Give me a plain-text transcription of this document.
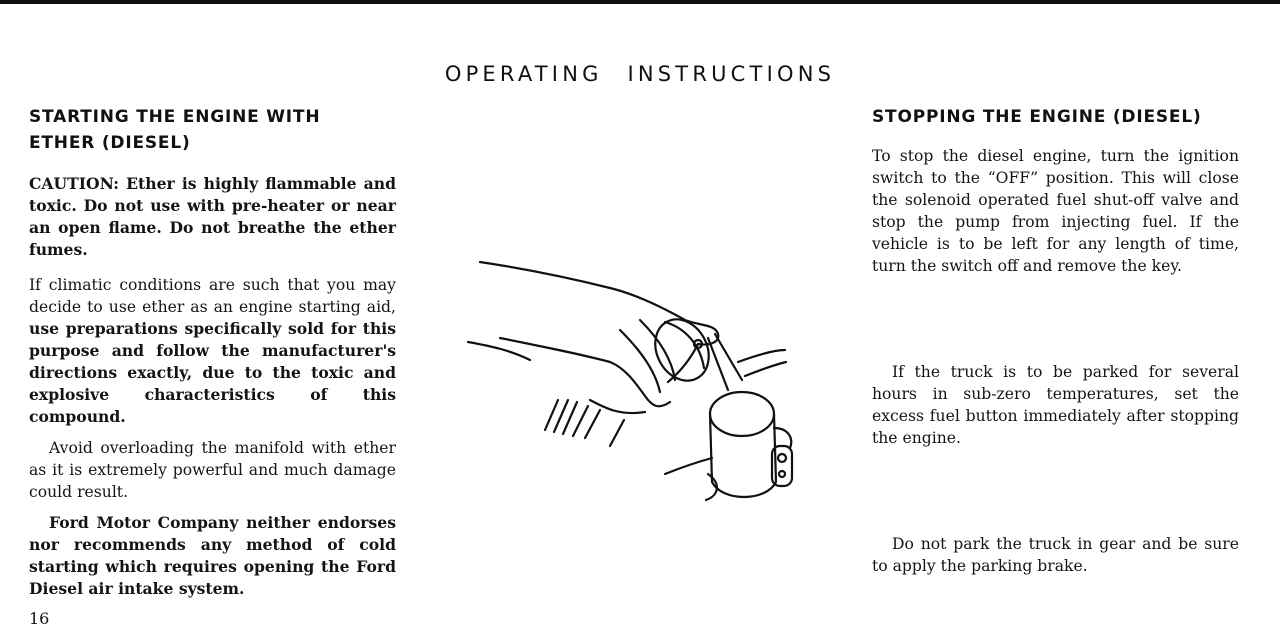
OPERATING INSTRUCTIONS
STARTING THE ENGINE WITH ETHER (DIESEL)

CAUTION: Ether is highly flammable and toxic. Do not use with pre-heater or near an open flame. Do not breathe the ether fumes.

If climatic conditions are such that you may decide to use ether as an engine starting aid, use preparations specifically sold for this purpose and follow the manufacturer's directions exactly, due to the toxic and explosive characteristics of this compound.

Avoid overloading the manifold with ether as it is extremely powerful and much damage could result.

Ford Motor Company neither endorses nor recommends any method of cold starting which requires opening the Ford Diesel air intake system.

STOPPING THE ENGINE (DIESEL)

To stop the diesel engine, turn the ignition switch to the “OFF” position. This will close the solenoid operated fuel shut-off valve and stop the pump from injecting fuel. If the vehicle is to be left for any length of time, turn the switch off and remove the key.

If the truck is to be parked for several hours in sub-zero temperatures, set the excess fuel button immediately after stopping the engine.

Do not park the truck in gear and be sure to apply the parking brake.

16
